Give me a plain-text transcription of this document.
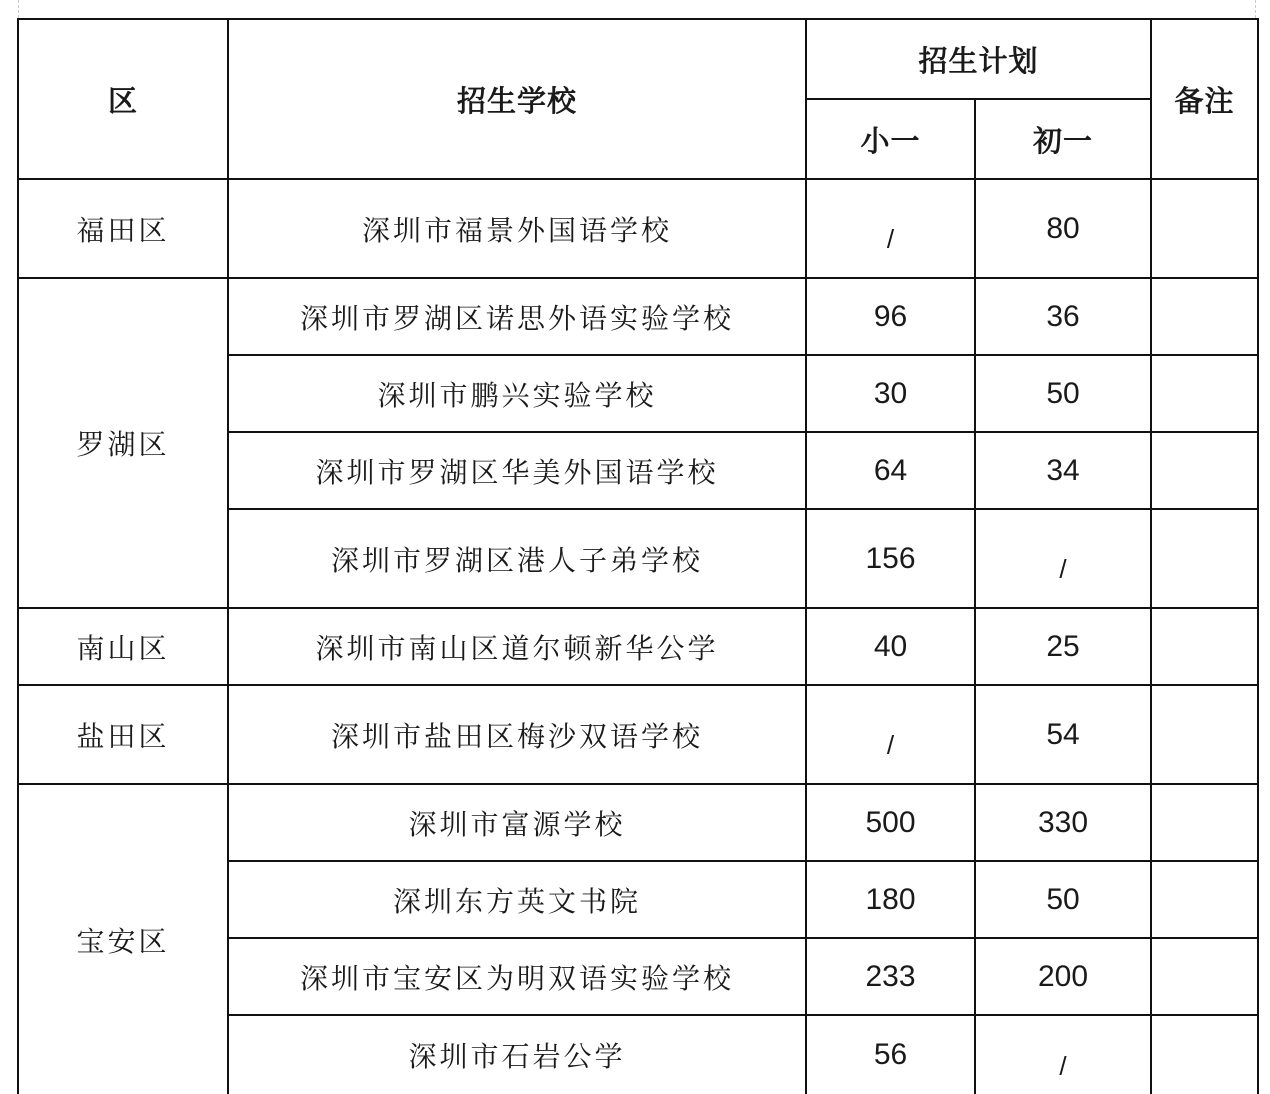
区	招生学校	招生计划		备注
		小一	初一	
福田区	深圳市福景外国语学校	/	80	
罗湖区	深圳市罗湖区诺思外语实验学校	96	36	
	深圳市鹏兴实验学校	30	50	
	深圳市罗湖区华美外国语学校	64	34	
	深圳市罗湖区港人子弟学校	156	/	
南山区	深圳市南山区道尔顿新华公学	40	25	
盐田区	深圳市盐田区梅沙双语学校	/	54	
宝安区	深圳市富源学校	500	330	
	深圳东方英文书院	180	50	
	深圳市宝安区为明双语实验学校	233	200	
	深圳市石岩公学	56	/	
